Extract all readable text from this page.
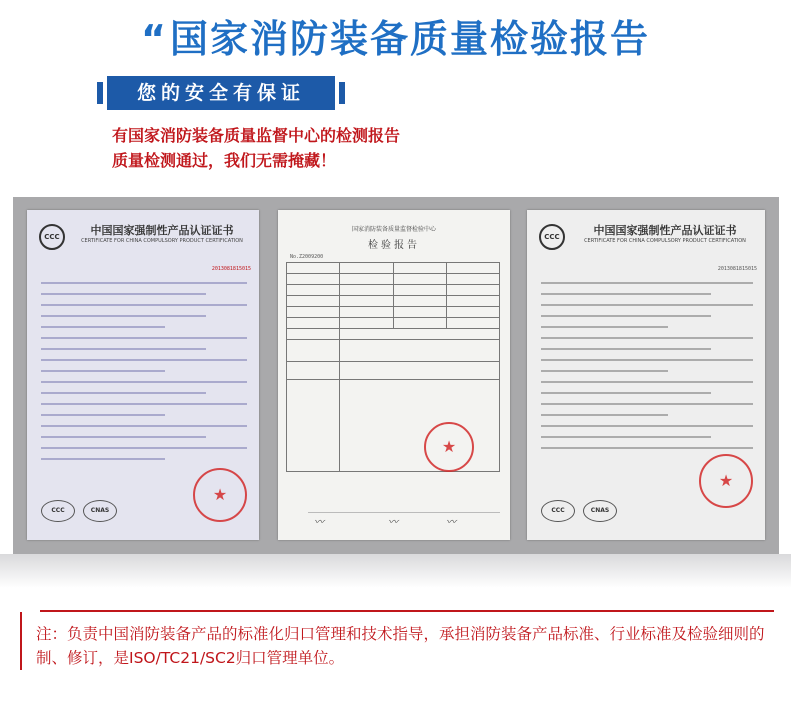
“国家消防装备质量检验报告
您的安全有保证
有国家消防装备质量监督中心的检测报告
质量检测通过，我们无需掩藏！
CCC	中国国家强制性产品认证证书
CERTIFICATE FOR CHINA COMPULSORY PRODUCT CERTIFICATION
2013081815015
★
CCC	CNAS
国家消防装备质量监督检验中心
检验报告
No.Z2009200

★
〰	〰	〰
CCC	中国国家强制性产品认证证书
CERTIFICATE FOR CHINA COMPULSORY PRODUCT CERTIFICATION
2013081815015
★
CCC	CNAS
注：负责中国消防装备产品的标准化归口管理和技术指导，承担消防装备产品标准、行业标准及检验细则的制、修订，是ISO/TC21/SC2归口管理单位。
